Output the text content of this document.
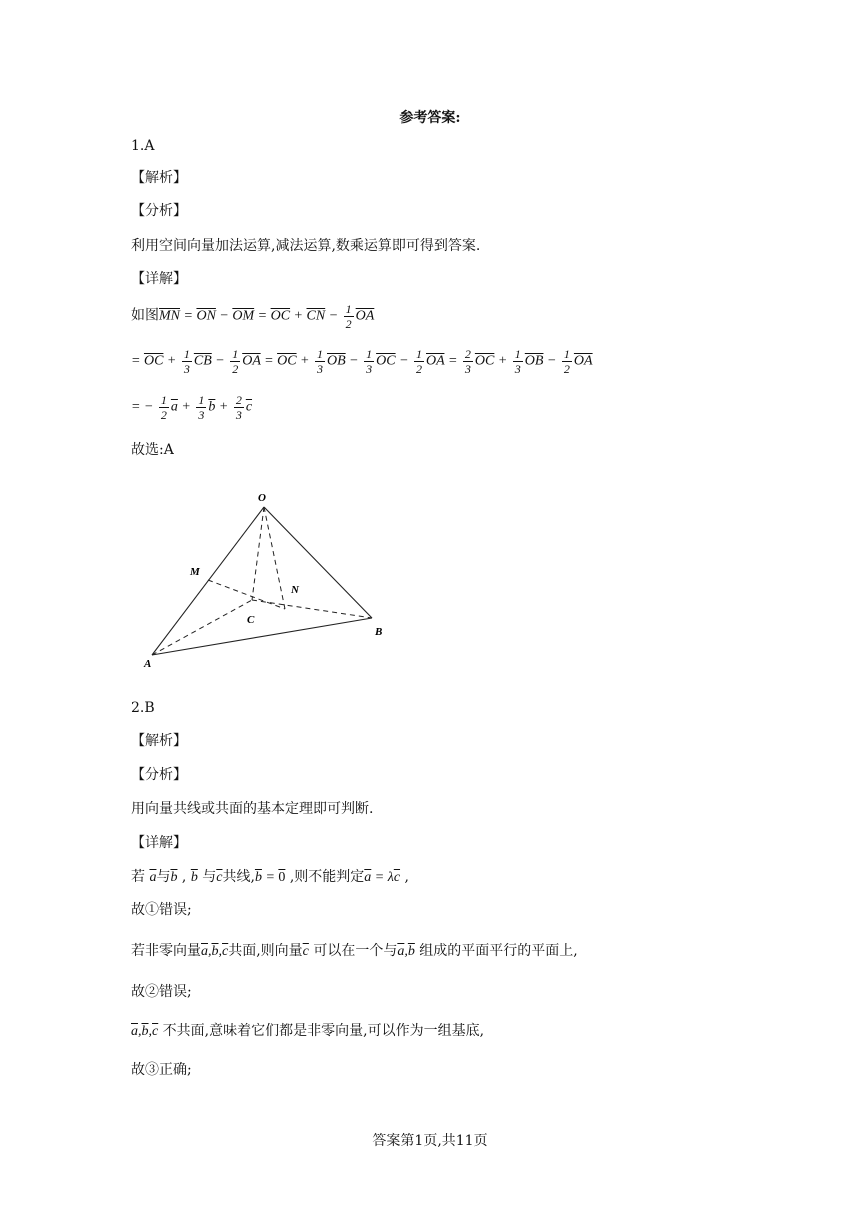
参考答案:
1.A
【解析】
【分析】
利用空间向量加法运算,减法运算,数乘运算即可得到答案.
【详解】
如图$\overline{MN} = \overline{ON} - \overline{OM} = \overline{OC} + \overline{CN} - \frac{1}{2} \overline{OA}$
= $\overline{OC} + \frac{1}{3} \overline{CB} - \frac{1}{2} \overline{OA} = \overline{OC} + \frac{1}{3} \overline{OB} - \frac{1}{3} \overline{OC} - \frac{1}{2} \overline{OA} = \frac{2}{3} \overline{OC} + \frac{1}{3} \overline{OB} - \frac{1}{2} \overline{OA}$
= − $\frac{1}{2} \overline{a} + \frac{1}{3} \overline{b} + \frac{2}{3} \overline{c}$
故选:A
O
M
N
C
B
A
2.B
【解析】
【分析】
用向量共线或共面的基本定理即可判断.
【详解】
若 $\overline{a}$与$\overline{b}$ , $\overline{b}$ 与$\overline{c}$共线$,\overline{b} = 0$ ,则不能判定$\overline{a} = \lambda\overline{c}$ ,
故①错误;
若非零向量$\overline{a},\overline{b},\overline{c}$共面,则向量$\overline{c}$ 可以在一个与$\overline{a},\overline{b}$ 组成的平面平行的平面上,
故②错误;
$\overline{a},\overline{b},\overline{c}$ 不共面,意味着它们都是非零向量,可以作为一组基底,
故③正确;
答案第1页,共11页
